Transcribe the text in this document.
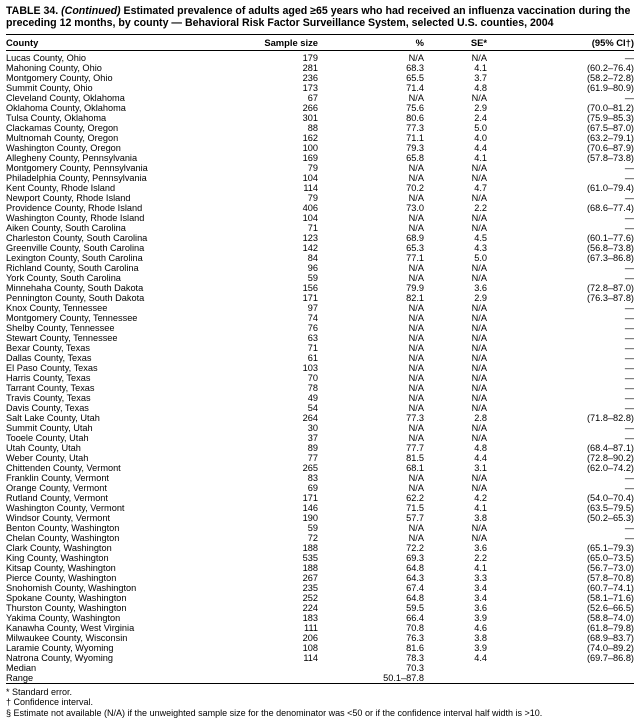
TABLE 34. (Continued) Estimated prevalence of adults aged ≥65 years who had received an influenza vaccination during the preceding 12 months, by county — Behavioral Risk Factor Surveillance System, selected U.S. counties, 2004
County	Sample size	%	SE*	(95% CI†)
Lucas County, Ohio	179	N/A	N/A	—
Mahoning County, Ohio	281	68.3	4.1	(60.2–76.4)
Montgomery County, Ohio	236	65.5	3.7	(58.2–72.8)
Summit County, Ohio	173	71.4	4.8	(61.9–80.9)
Cleveland County, Oklahoma	67	N/A	N/A	—
Oklahoma County, Oklahoma	266	75.6	2.9	(70.0–81.2)
Tulsa County, Oklahoma	301	80.6	2.4	(75.9–85.3)
Clackamas County, Oregon	88	77.3	5.0	(67.5–87.0)
Multnomah County, Oregon	162	71.1	4.0	(63.2–79.1)
Washington County, Oregon	100	79.3	4.4	(70.6–87.9)
Allegheny County, Pennsylvania	169	65.8	4.1	(57.8–73.8)
Montgomery County, Pennsylvania	79	N/A	N/A	—
Philadelphia County, Pennsylvania	104	N/A	N/A	—
Kent County, Rhode Island	114	70.2	4.7	(61.0–79.4)
Newport County, Rhode Island	79	N/A	N/A	—
Providence County, Rhode Island	406	73.0	2.2	(68.6–77.4)
Washington County, Rhode Island	104	N/A	N/A	—
Aiken County, South Carolina	71	N/A	N/A	—
Charleston County, South Carolina	123	68.9	4.5	(60.1–77.6)
Greenville County, South Carolina	142	65.3	4.3	(56.8–73.8)
Lexington County, South Carolina	84	77.1	5.0	(67.3–86.8)
Richland County, South Carolina	96	N/A	N/A	—
York County, South Carolina	59	N/A	N/A	—
Minnehaha County, South Dakota	156	79.9	3.6	(72.8–87.0)
Pennington County, South Dakota	171	82.1	2.9	(76.3–87.8)
Knox County, Tennessee	97	N/A	N/A	—
Montgomery County, Tennessee	74	N/A	N/A	—
Shelby County, Tennessee	76	N/A	N/A	—
Stewart County, Tennessee	63	N/A	N/A	—
Bexar County, Texas	71	N/A	N/A	—
Dallas County, Texas	61	N/A	N/A	—
El Paso County, Texas	103	N/A	N/A	—
Harris County, Texas	70	N/A	N/A	—
Tarrant County, Texas	78	N/A	N/A	—
Travis County, Texas	49	N/A	N/A	—
Davis County, Texas	54	N/A	N/A	—
Salt Lake County, Utah	264	77.3	2.8	(71.8–82.8)
Summit County, Utah	30	N/A	N/A	—
Tooele County, Utah	37	N/A	N/A	—
Utah County, Utah	89	77.7	4.8	(68.4–87.1)
Weber County, Utah	77	81.5	4.4	(72.8–90.2)
Chittenden County, Vermont	265	68.1	3.1	(62.0–74.2)
Franklin County, Vermont	83	N/A	N/A	—
Orange County, Vermont	69	N/A	N/A	—
Rutland County, Vermont	171	62.2	4.2	(54.0–70.4)
Washington County, Vermont	146	71.5	4.1	(63.5–79.5)
Windsor County, Vermont	190	57.7	3.8	(50.2–65.3)
Benton County, Washington	59	N/A	N/A	—
Chelan County, Washington	72	N/A	N/A	—
Clark County, Washington	188	72.2	3.6	(65.1–79.3)
King County, Washington	535	69.3	2.2	(65.0–73.5)
Kitsap County, Washington	188	64.8	4.1	(56.7–73.0)
Pierce County, Washington	267	64.3	3.3	(57.8–70.8)
Snohomish County, Washington	235	67.4	3.4	(60.7–74.1)
Spokane County, Washington	252	64.8	3.4	(58.1–71.6)
Thurston County, Washington	224	59.5	3.6	(52.6–66.5)
Yakima County, Washington	183	66.4	3.9	(58.8–74.0)
Kanawha County, West Virginia	111	70.8	4.6	(61.8–79.8)
Milwaukee County, Wisconsin	206	76.3	3.8	(68.9–83.7)
Laramie County, Wyoming	108	81.6	3.9	(74.0–89.2)
Natrona County, Wyoming	114	78.3	4.4	(69.7–86.8)
Median		70.3		
Range		50.1–87.8		
* Standard error.
† Confidence interval.
§ Estimate not available (N/A) if the unweighted sample size for the denominator was <50 or if the confidence interval half width is >10.
